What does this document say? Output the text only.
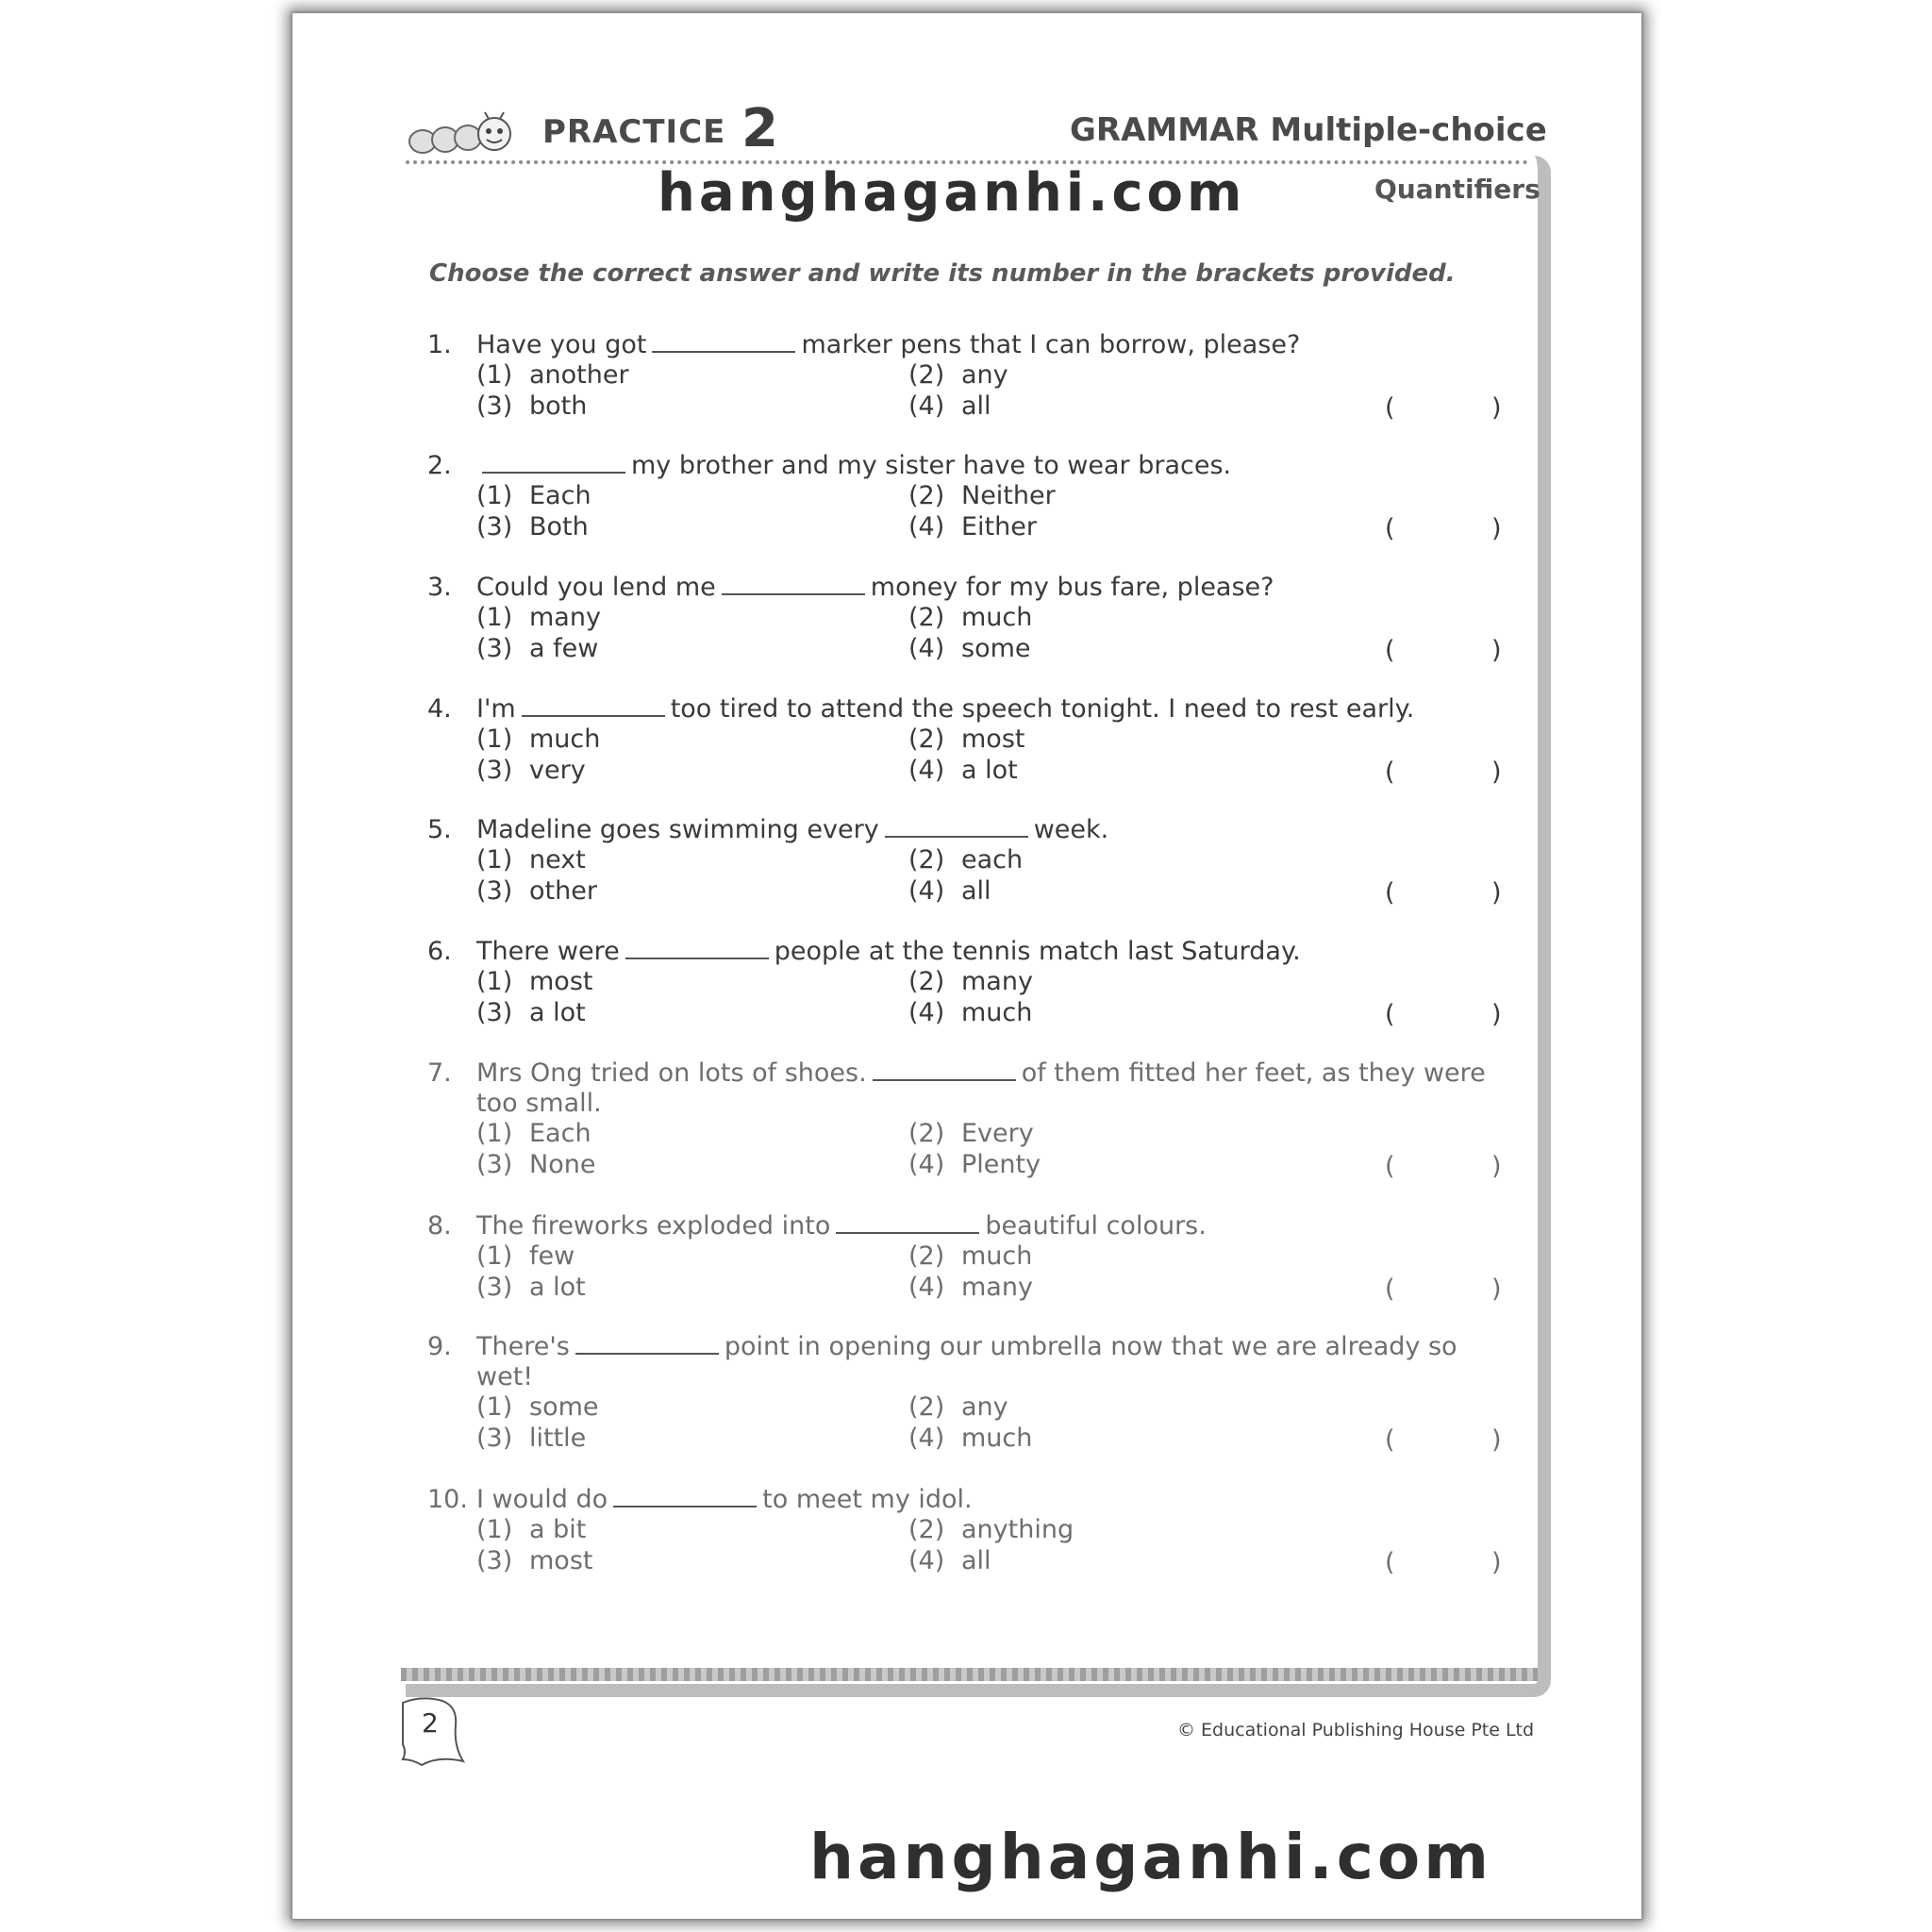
PRACTICE 2	GRAMMAR Multiple-choice
Quantifiers
hanghaganhi.com
Choose the correct answer and write its number in the brackets provided.
1. Have you got	marker pens that I can borrow, please?
(1) another	(2) any
(3) both	(4) all	(	)
2.	my brother and my sister have to wear braces.
(1) Each	(2) Neither
(3) Both	(4) Either	(	)
3. Could you lend me	money for my bus fare, please?
(1) many	(2) much
(3) a few	(4) some	(	)
4. I'm	too tired to attend the speech tonight. I need to rest early.
(1) much	(2) most
(3) very	(4) a lot	(	)
5. Madeline goes swimming every	week.
(1) next	(2) each
(3) other	(4) all	(	)
6. There were	people at the tennis match last Saturday.
(1) most	(2) many
(3) a lot	(4) much	(	)
7. Mrs Ong tried on lots of shoes.	of them fitted her feet, as they were
too small.
(1) Each	(2) Every
(3) None	(4) Plenty	(	)
8. The fireworks exploded into	beautiful colours.
(1) few	(2) much
(3) a lot	(4) many	(	)
9. There's	point in opening our umbrella now that we are already so
wet!
(1) some	(2) any
(3) little	(4) much	(	)
10. I would do	to meet my idol.
(1) a bit	(2) anything
(3) most	(4) all	(	)
2	© Educational Publishing House Pte Ltd
hanghaganhi.com
